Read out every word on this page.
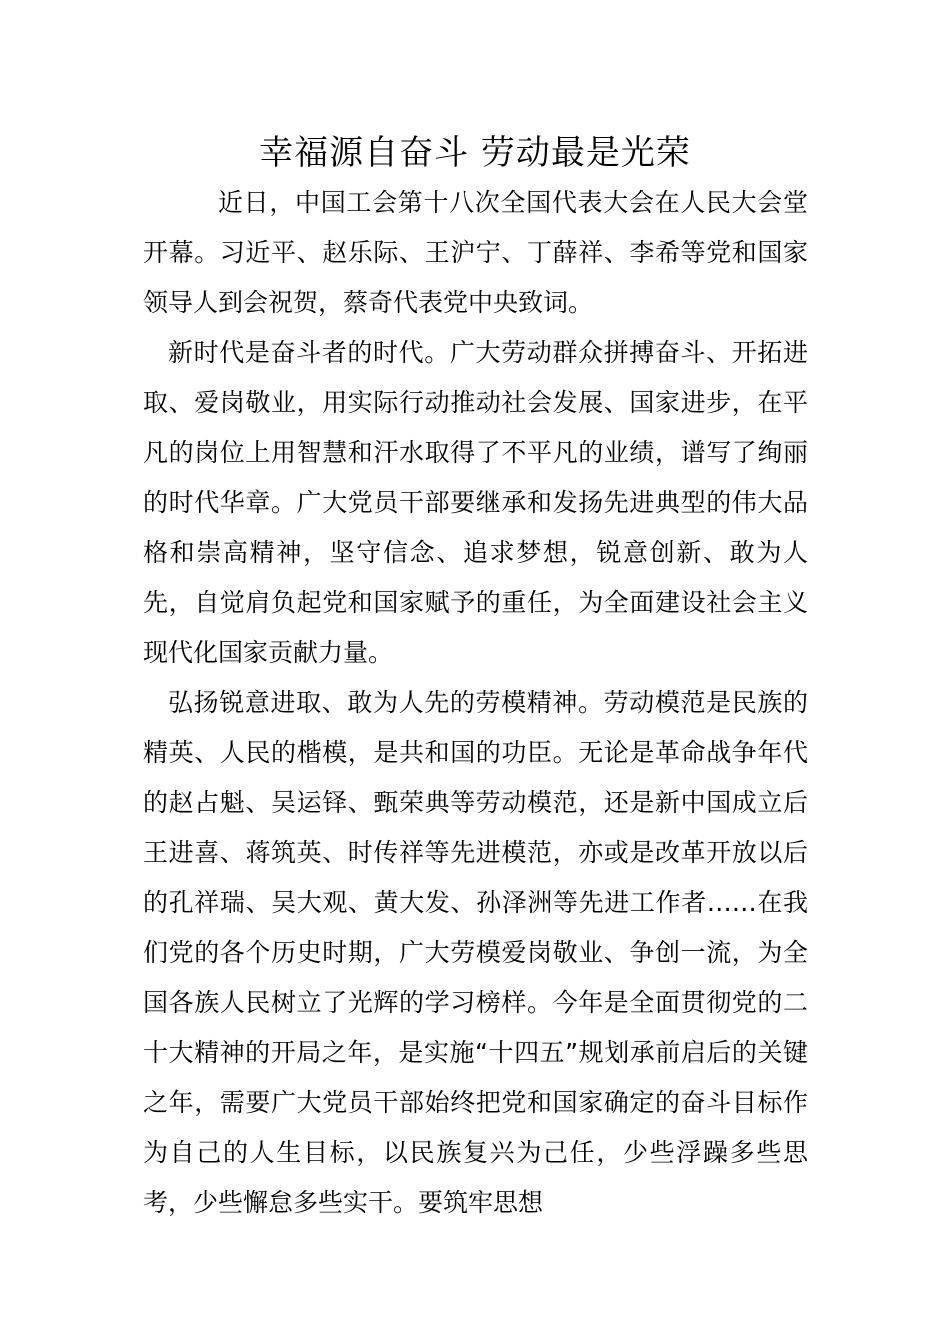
幸福源自奋斗 劳动最是光荣

近日，中国工会第十八次全国代表大会在人民大会堂开幕。习近平、赵乐际、王沪宁、丁薛祥、李希等党和国家领导人到会祝贺，蔡奇代表党中央致词。

新时代是奋斗者的时代。广大劳动群众拼搏奋斗、开拓进取、爱岗敬业，用实际行动推动社会发展、国家进步，在平凡的岗位上用智慧和汗水取得了不平凡的业绩，谱写了绚丽的时代华章。广大党员干部要继承和发扬先进典型的伟大品格和崇高精神，坚守信念、追求梦想，锐意创新、敢为人先，自觉肩负起党和国家赋予的重任，为全面建设社会主义现代化国家贡献力量。

弘扬锐意进取、敢为人先的劳模精神。劳动模范是民族的精英、人民的楷模，是共和国的功臣。无论是革命战争年代的赵占魁、吴运铎、甄荣典等劳动模范，还是新中国成立后王进喜、蒋筑英、时传祥等先进模范，亦或是改革开放以后的孔祥瑞、吴大观、黄大发、孙泽洲等先进工作者……在我们党的各个历史时期，广大劳模爱岗敬业、争创一流，为全国各族人民树立了光辉的学习榜样。今年是全面贯彻党的二十大精神的开局之年，是实施“十四五”规划承前启后的关键之年，需要广大党员干部始终把党和国家确定的奋斗目标作为自己的人生目标，以民族复兴为己任，少些浮躁多些思考，少些懈怠多些实干。要筑牢思想
